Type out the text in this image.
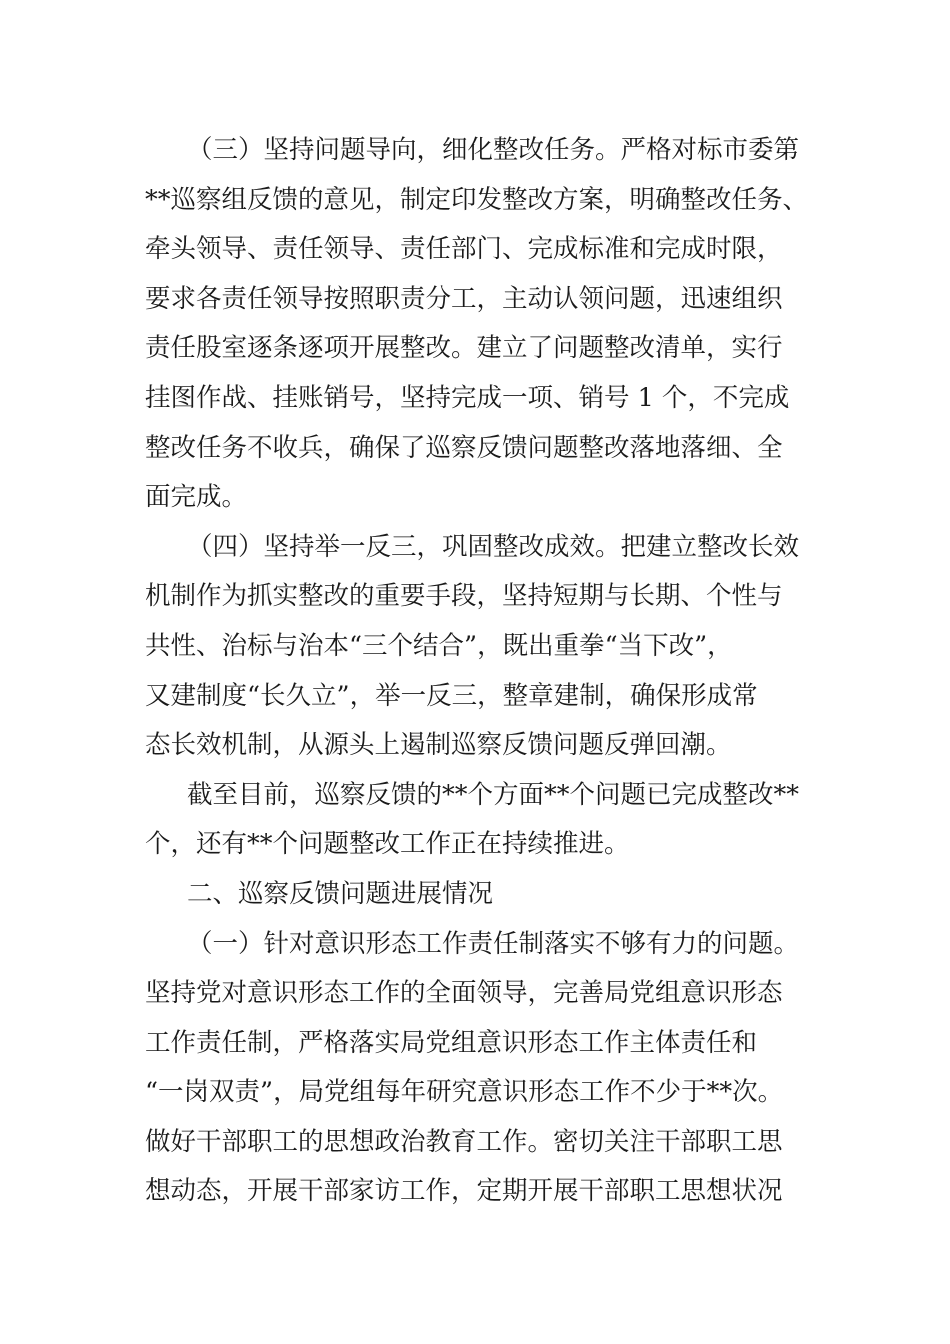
（三）坚持问题导向，细化整改任务。严格对标市委第
**巡察组反馈的意见，制定印发整改方案，明确整改任务、
牵头领导、责任领导、责任部门、完成标准和完成时限，
要求各责任领导按照职责分工，主动认领问题，迅速组织
责任股室逐条逐项开展整改。建立了问题整改清单，实行
挂图作战、挂账销号，坚持完成一项、销号 1 个，不完成
整改任务不收兵，确保了巡察反馈问题整改落地落细、全
面完成。
（四）坚持举一反三，巩固整改成效。把建立整改长效
机制作为抓实整改的重要手段，坚持短期与长期、个性与
共性、治标与治本“三个结合”，既出重拳“当下改”，
又建制度“长久立”，举一反三，整章建制，确保形成常
态长效机制，从源头上遏制巡察反馈问题反弹回潮。
截至目前，巡察反馈的**个方面**个问题已完成整改**
个，还有**个问题整改工作正在持续推进。
二、巡察反馈问题进展情况
（一）针对意识形态工作责任制落实不够有力的问题。
坚持党对意识形态工作的全面领导，完善局党组意识形态
工作责任制，严格落实局党组意识形态工作主体责任和
“一岗双责”，局党组每年研究意识形态工作不少于**次。
做好干部职工的思想政治教育工作。密切关注干部职工思
想动态，开展干部家访工作，定期开展干部职工思想状况
